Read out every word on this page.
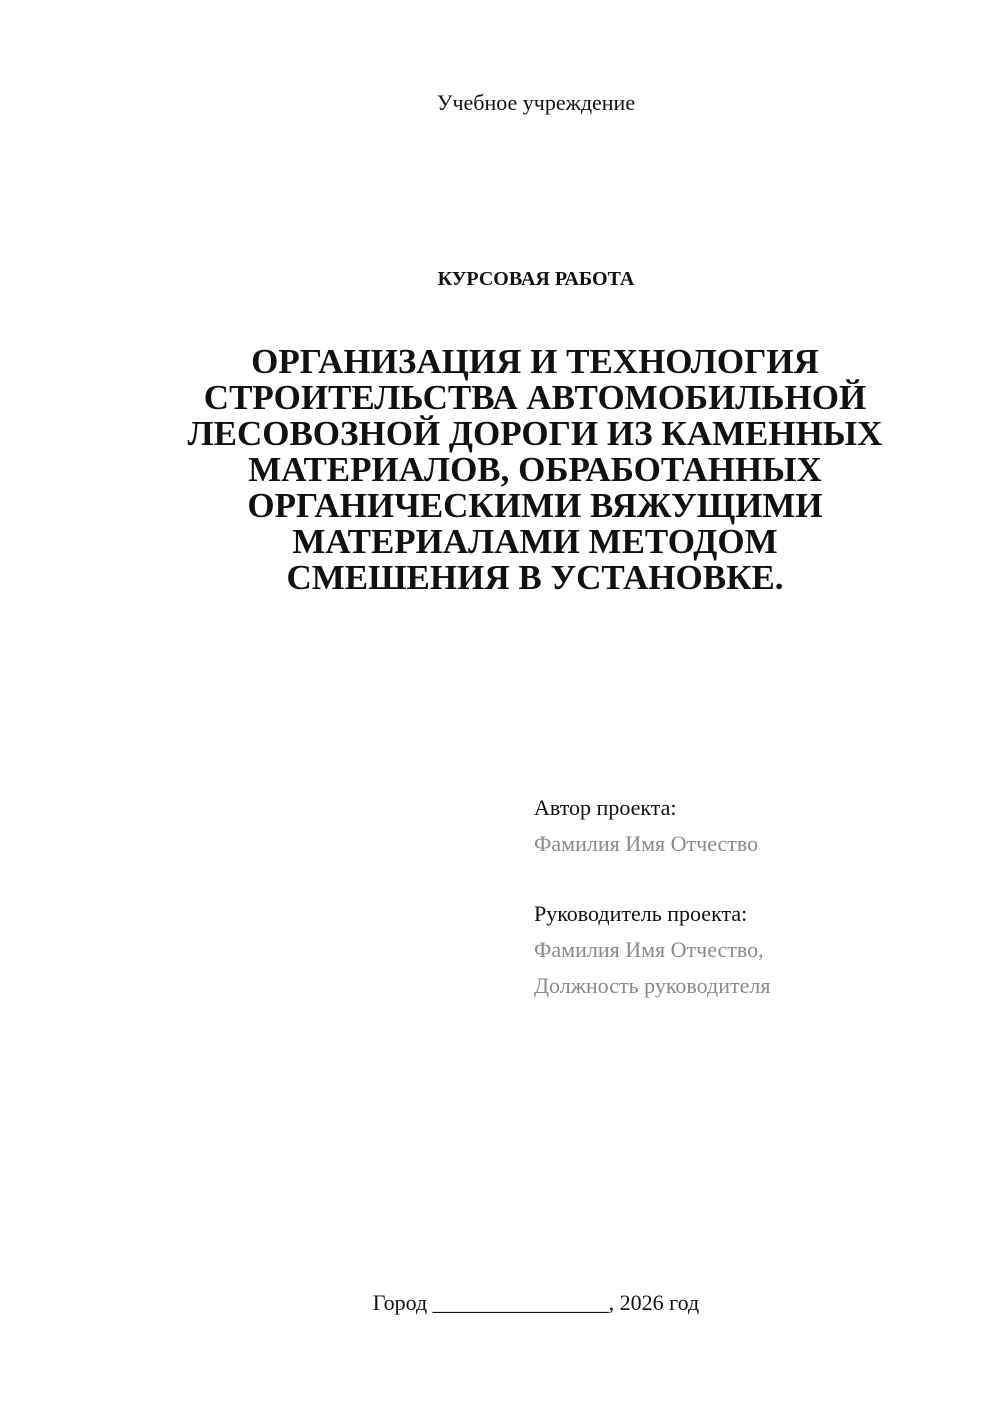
Учебное учреждение
КУРСОВАЯ РАБОТА
ОРГАНИЗАЦИЯ И ТЕХНОЛОГИЯ
СТРОИТЕЛЬСТВА АВТОМОБИЛЬНОЙ
ЛЕСОВОЗНОЙ ДОРОГИ ИЗ КАМЕННЫХ
МАТЕРИАЛОВ, ОБРАБОТАННЫХ
ОРГАНИЧЕСКИМИ ВЯЖУЩИМИ
МАТЕРИАЛАМИ МЕТОДОМ
СМЕШЕНИЯ В УСТАНОВКЕ.
Автор проекта:
Фамилия Имя Отчество
Руководитель проекта:
Фамилия Имя Отчество,
Должность руководителя
Город ________________, 2026 год
